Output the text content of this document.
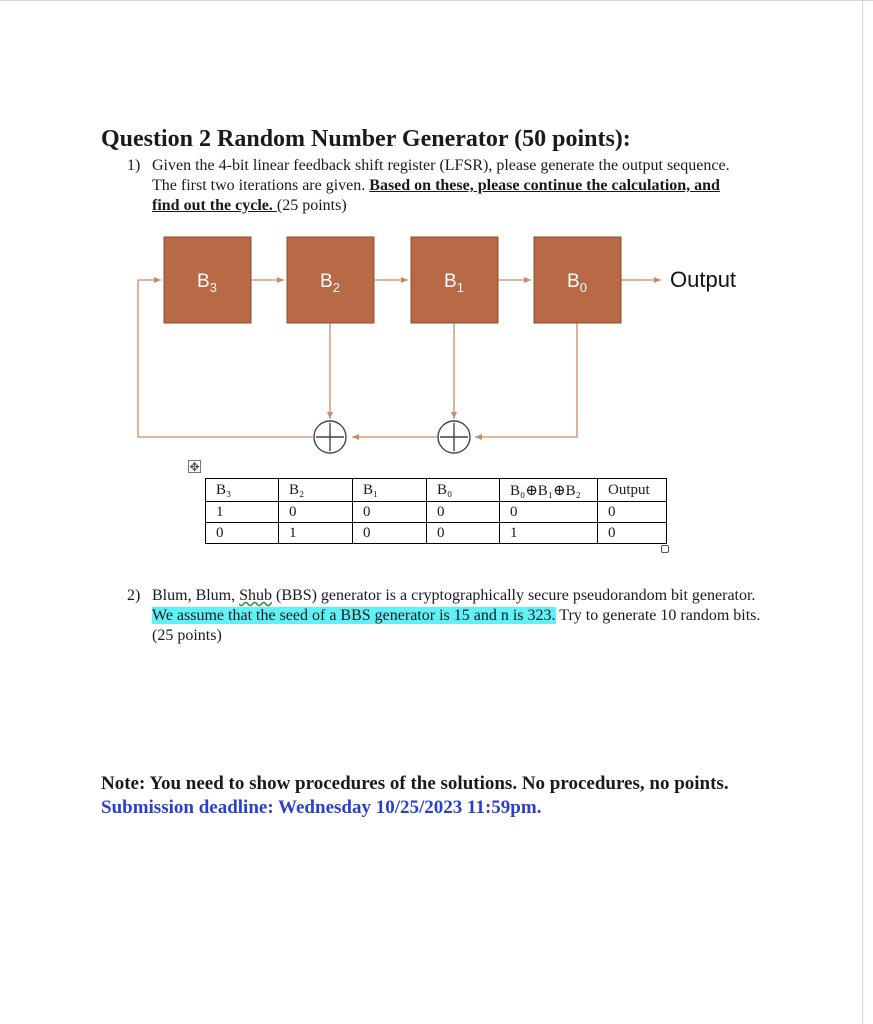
Question 2 Random Number Generator (50 points):
1) Given the 4-bit linear feedback shift register (LFSR), please generate the output sequence. The first two iterations are given. Based on these, please continue the calculation, and find out the cycle. (25 points)
$B_3$	$B_2$	$B_1$	$B_0$	Output
✥
B₃	B₂	B₁	B₀	B₀⊕B₁⊕B₂	Output
1	0	0	0	0	0
0	1	0	0	1	0
2) Blum, Blum, Shub (BBS) generator is a cryptographically secure pseudorandom bit generator. We assume that the seed of a BBS generator is 15 and n is 323. Try to generate 10 random bits. (25 points)

Note: You need to show procedures of the solutions. No procedures, no points.

Submission deadline: Wednesday 10/25/2023 11:59pm.
